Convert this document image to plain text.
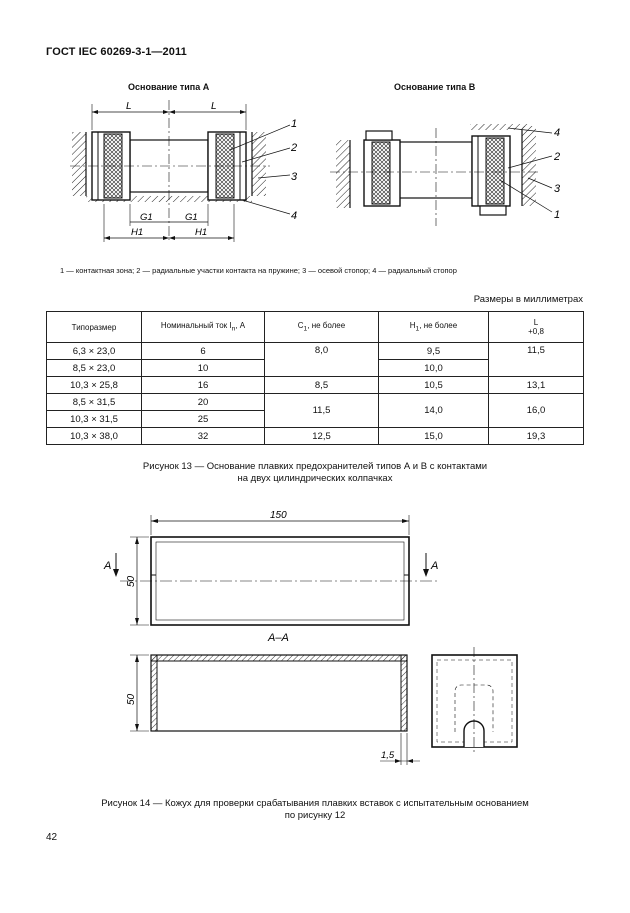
ГОСТ IEC 60269-3-1—2011
Основание типа А	Основание типа В
L	L
G1	G1
H1	H1
1
2
3
4
4
2
3
1
1 — контактная зона; 2 — радиальные участки контакта на пружине; 3 — осевой стопор; 4 — радиальный стопор
Размеры в миллиметрах
Типоразмер	Номинальный ток $I_n$, А	$C_1$, не более	$H_1$, не более	L
+0,8

6,3 × 23,0	6	8,0	9,5	11,5
8,5 × 23,0	10		10,0	
10,3 × 25,8	16	8,5	10,5	13,1
8,5 × 31,5	20	11,5	14,0	16,0
10,3 × 31,5	25			
10,3 × 38,0	32	12,5	15,0	19,3
Рисунок 13 — Основание плавких предохранителей типов А и В с контактами
на двух цилиндрических колпачках
150
50
А	А
А–А
50
1,5
Рисунок 14 — Кожух для проверки срабатывания плавких вставок с испытательным основанием
по рисунку 12
42
